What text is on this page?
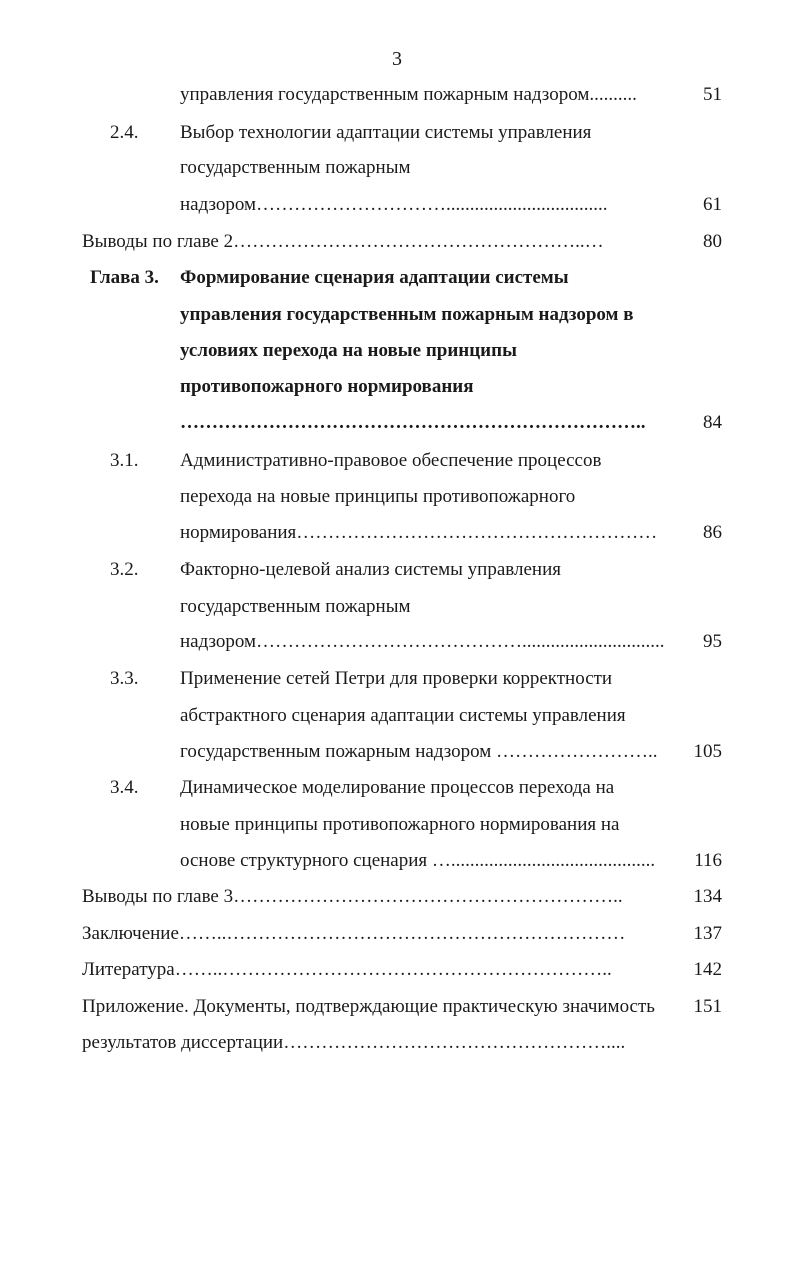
3
управления государственным пожарным надзором..........	51
2.4. Выбор технологии адаптации системы управления
государственным пожарным
надзором…………………………..................................	61
Выводы по главе 2………………………………………………..…	80
Глава 3. Формирование сценария адаптации системы
управления государственным пожарным надзором в
условиях перехода на новые принципы
противопожарного нормирования
………………………………………………………………..	84
3.1. Административно-правовое обеспечение процессов
перехода на новые принципы противопожарного
нормирования…………………………………………………	86
3.2. Факторно-целевой анализ системы управления
государственным пожарным
надзором……………………………………..............................	95
3.3. Применение сетей Петри для проверки корректности
абстрактного сценария адаптации системы управления
государственным пожарным надзором ……………………..	105
3.4. Динамическое моделирование процессов перехода на
новые принципы противопожарного нормирования на
основе структурного сценария …...........................................	116
Выводы по главе 3……………………………………………………..	134
Заключение……..………………………………………………………	137
Литература……..……………………………………………………..	142
Приложение. Документы, подтверждающие практическую значимость	151
результатов диссертации……………………………………………....
